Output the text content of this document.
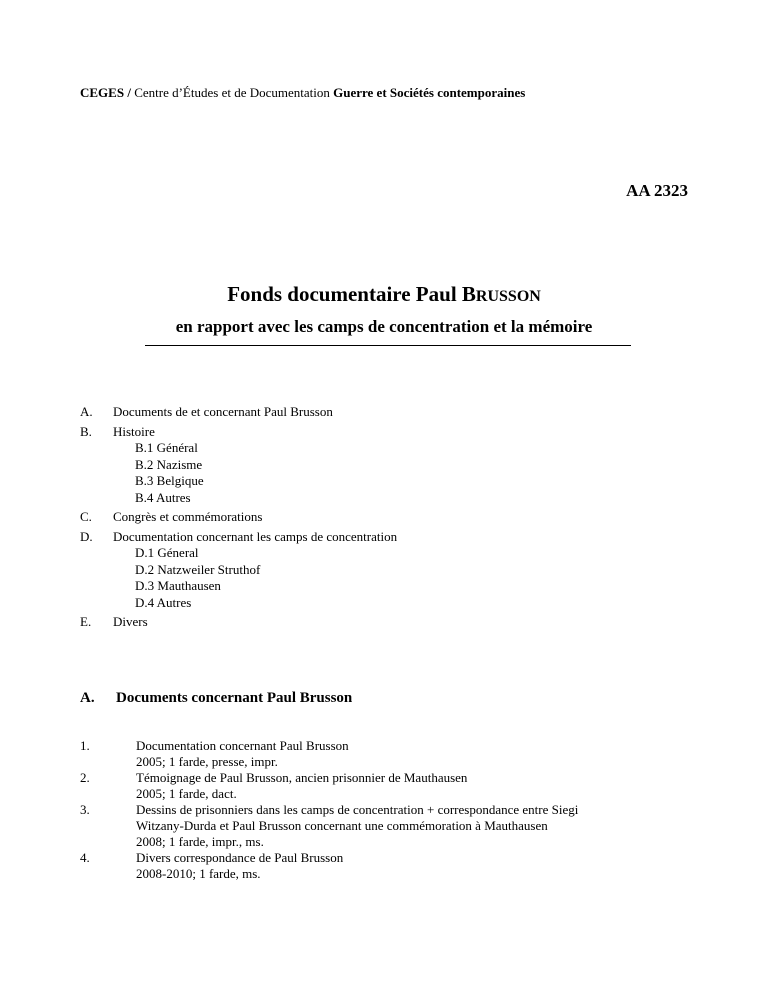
CEGES / Centre d’Études et de Documentation Guerre et Sociétés contemporaines
AA 2323
Fonds documentaire Paul BRUSSON
en rapport avec les camps de concentration et la mémoire
A. Documents de et concernant Paul Brusson
B. Histoire
B.1 Général
B.2 Nazisme
B.3 Belgique
B.4 Autres
C. Congrès et commémorations
D. Documentation concernant les camps de concentration
D.1 Géneral
D.2 Natzweiler Struthof
D.3 Mauthausen
D.4 Autres
E. Divers
A. Documents concernant Paul Brusson
1.	Documentation concernant Paul Brusson
2005; 1 farde, presse, impr.
2.	Témoignage de Paul Brusson, ancien prisonnier de Mauthausen
2005; 1 farde, dact.
3.	Dessins de prisonniers dans les camps de concentration + correspondance entre Siegi
Witzany-Durda et Paul Brusson concernant une commémoration à Mauthausen
2008; 1 farde, impr., ms.
4.	Divers correspondance de Paul Brusson
2008-2010; 1 farde, ms.
